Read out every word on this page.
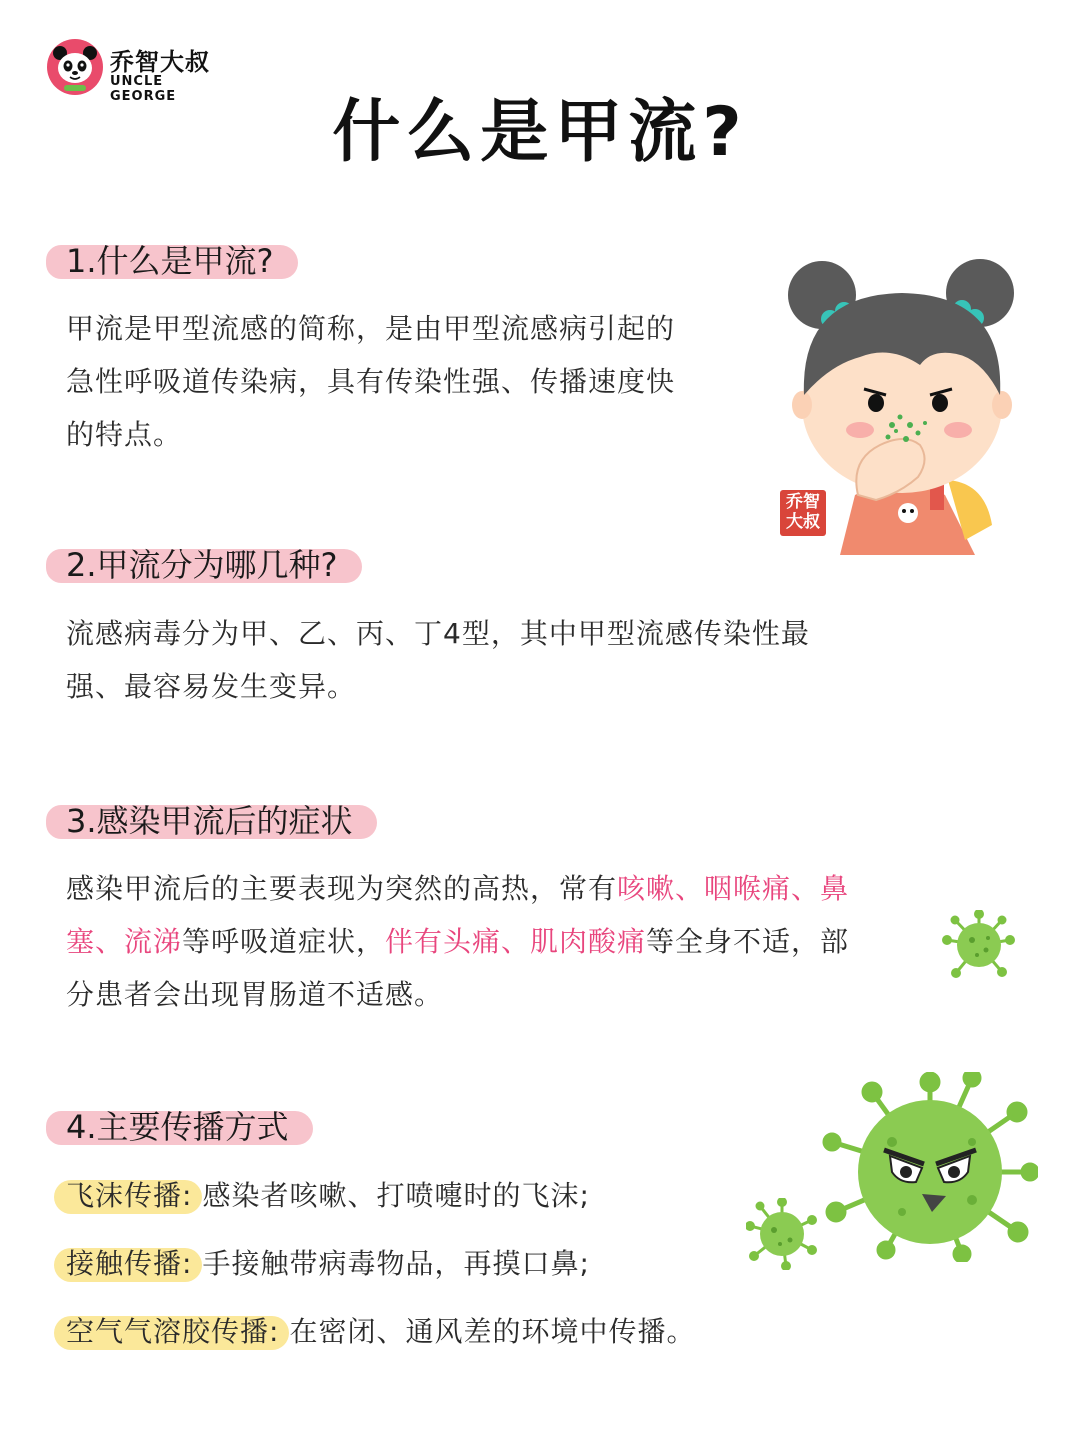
乔智大叔
UNCLE GEORGE	什么是甲流?
1.什么是甲流?
甲流是甲型流感的简称，是由甲型流感病引起的
急性呼吸道传染病，具有传染性强、传播速度快
的特点。
乔智大叔
2.甲流分为哪几种?
流感病毒分为甲、乙、丙、丁4型，其中甲型流感传染性最
强、最容易发生变异。
3.感染甲流后的症状
感染甲流后的主要表现为突然的高热，常有咳嗽、咽喉痛、鼻
塞、流涕等呼吸道症状，伴有头痛、肌肉酸痛等全身不适，部
分患者会出现胃肠道不适感。
4.主要传播方式
飞沫传播: 感染者咳嗽、打喷嚏时的飞沫;
接触传播: 手接触带病毒物品，再摸口鼻;
空气气溶胶传播: 在密闭、通风差的环境中传播。
